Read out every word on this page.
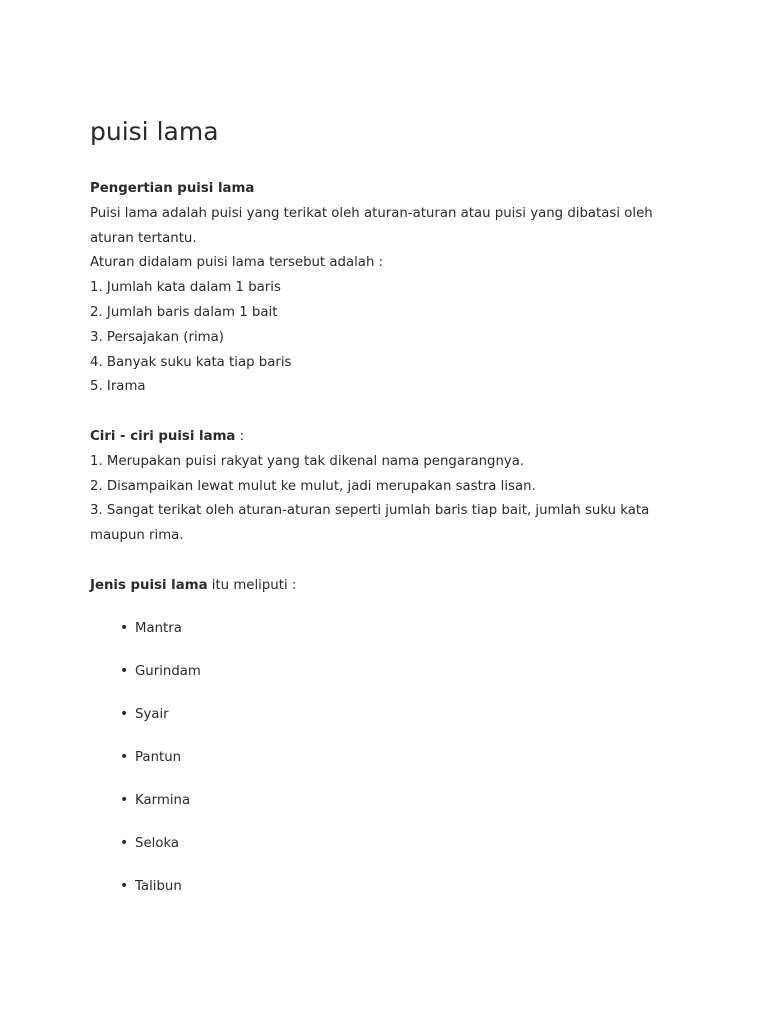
puisi lama
Pengertian puisi lama
Puisi lama adalah puisi yang terikat oleh aturan-aturan atau puisi yang dibatasi oleh
aturan tertantu.
Aturan didalam puisi lama tersebut adalah :
1. Jumlah kata dalam 1 baris
2. Jumlah baris dalam 1 bait
3. Persajakan (rima)
4. Banyak suku kata tiap baris
5. Irama
Ciri - ciri puisi lama :
1. Merupakan puisi rakyat yang tak dikenal nama pengarangnya.
2. Disampaikan lewat mulut ke mulut, jadi merupakan sastra lisan.
3. Sangat terikat oleh aturan-aturan seperti jumlah baris tiap bait, jumlah suku kata
maupun rima.
Jenis puisi lama itu meliputi :
• Mantra
• Gurindam
• Syair
• Pantun
• Karmina
• Seloka
• Talibun
